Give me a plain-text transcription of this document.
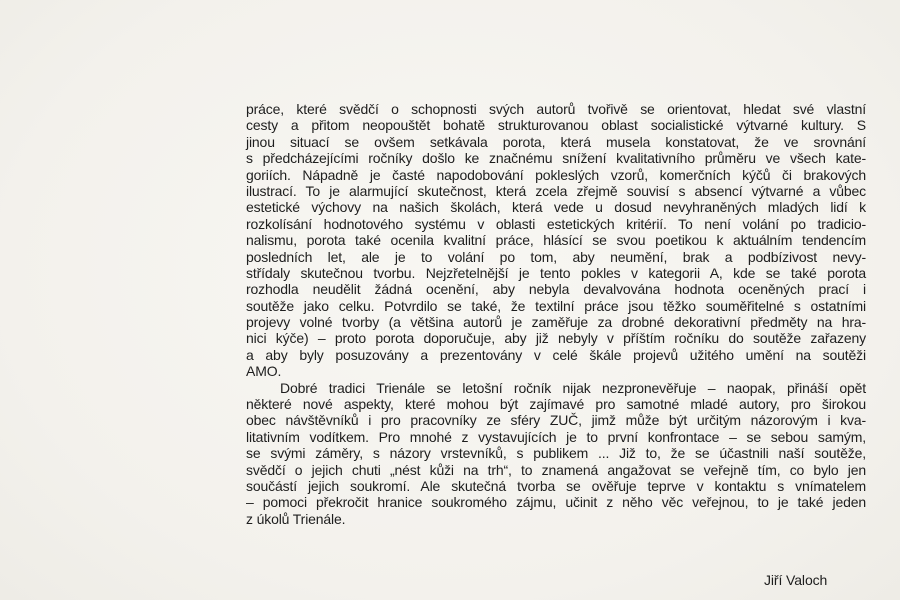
práce, které svědčí o schopnosti svých autorů tvořivě se orientovat, hledat své vlastní
cesty a přitom neopouštět bohatě strukturovanou oblast socialistické výtvarné kultury. S
jinou situací se ovšem setkávala porota, která musela konstatovat, že ve srovnání
s předcházejícími ročníky došlo ke značnému snížení kvalitativního průměru ve všech kate-
goriích. Nápadně je časté napodobování pokleslých vzorů, komerčních kýčů či brakových
ilustrací. To je alarmující skutečnost, která zcela zřejmě souvisí s absencí výtvarné a vůbec
estetické výchovy na našich školách, která vede u dosud nevyhraněných mladých lidí k
rozkolísání hodnotového systému v oblasti estetických kritérií. To není volání po tradicio-
nalismu, porota také ocenila kvalitní práce, hlásící se svou poetikou k aktuálním tendencím
posledních let, ale je to volání po tom, aby neumění, brak a podbízivost nevy-
střídaly skutečnou tvorbu. Nejzřetelnější je tento pokles v kategorii A, kde se také porota
rozhodla neudělit žádná ocenění, aby nebyla devalvována hodnota oceněných prací i
soutěže jako celku. Potvrdilo se také, že textilní práce jsou těžko souměřitelné s ostatními
projevy volné tvorby (a většina autorů je zaměřuje za drobné dekorativní předměty na hra-
nici kýče) – proto porota doporučuje, aby již nebyly v příštím ročníku do soutěže zařazeny
a aby byly posuzovány a prezentovány v celé škále projevů užitého umění na soutěži
AMO.
Dobré tradici Trienále se letošní ročník nijak nezpronevěřuje – naopak, přináší opět
některé nové aspekty, které mohou být zajímavé pro samotné mladé autory, pro širokou
obec návštěvníků i pro pracovníky ze sféry ZUČ, jimž může být určitým názorovým i kva-
litativním vodítkem. Pro mnohé z vystavujících je to první konfrontace – se sebou samým,
se svými záměry, s názory vrstevníků, s publikem ... Již to, že se účastnili naší soutěže,
svědčí o jejich chuti „nést kůži na trh“, to znamená angažovat se veřejně tím, co bylo jen
součástí jejich soukromí. Ale skutečná tvorba se ověřuje teprve v kontaktu s vnímatelem
– pomoci překročit hranice soukromého zájmu, učinit z něho věc veřejnou, to je také jeden
z úkolů Trienále.
Jiří Valoch
